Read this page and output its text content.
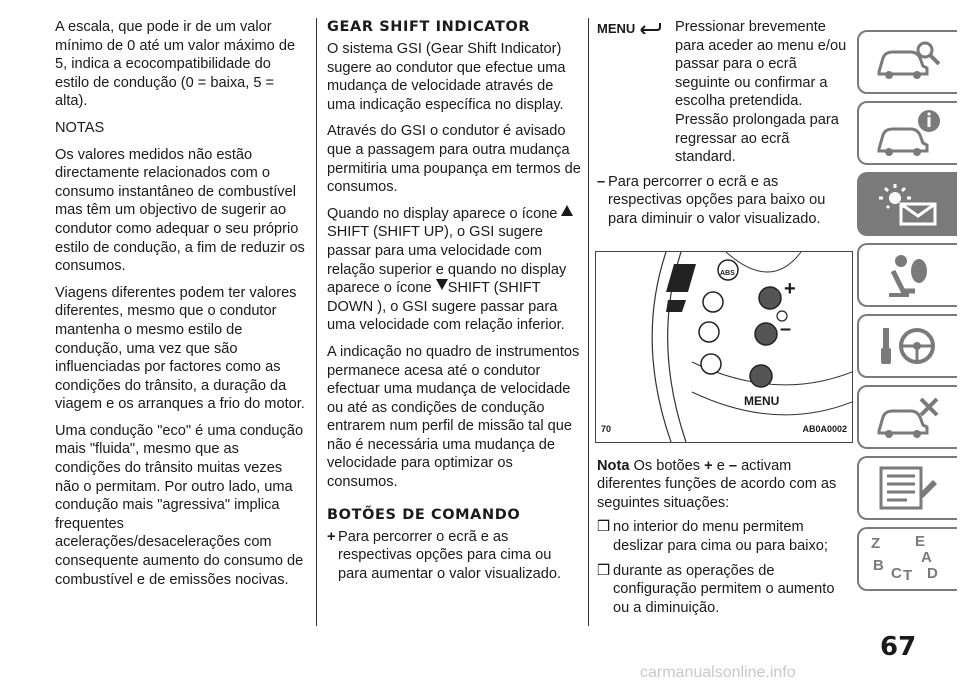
A escala, que pode ir de um valor mínimo de 0 até um valor máximo de 5, indica a ecocompatibilidade do estilo de condução (0 = baixa, 5 = alta).

NOTAS

Os valores medidos não estão directamente relacionados com o consumo instantâneo de combustível mas têm um objectivo de sugerir ao condutor como adequar o seu próprio estilo de condução, a fim de reduzir os consumos.

Viagens diferentes podem ter valores diferentes, mesmo que o condutor mantenha o mesmo estilo de condução, uma vez que são influenciadas por factores como as condições do trânsito, a duração da viagem e os arranques a frio do motor.

Uma condução "eco" é uma condução mais "fluida", mesmo que as condições do trânsito muitas vezes não o permitam. Por outro lado, uma condução mais "agressiva" implica frequentes acelerações/desacelerações com consequente aumento do consumo de combustível e de emissões nocivas.

GEAR SHIFT INDICATOR

O sistema GSI (Gear Shift Indicator) sugere ao condutor que efectue uma mudança de velocidade através de uma indicação específica no display.

Através do GSI o condutor é avisado que a passagem para outra mudança permitiria uma poupança em termos de consumos.

Quando no display aparece o ícone SHIFT (SHIFT UP), o GSI sugere passar para uma velocidade com relação superior e quando no display aparece o ícone SHIFT (SHIFT DOWN ), o GSI sugere passar para uma velocidade com relação inferior.

A indicação no quadro de instrumentos permanece acesa até o condutor efectuar uma mudança de velocidade ou até as condições de condução entrarem num perfil de missão tal que não é necessária uma mudança de velocidade para optimizar os consumos.

BOTÕES DE COMANDO
+ Para percorrer o ecrã e as respectivas opções para cima ou para aumentar o valor visualizado.
MENU	Pressionar brevemente para aceder ao menu e/ou passar para o ecrã seguinte ou confirmar a escolha pretendida. Pressão prolongada para regressar ao ecrã standard.
– Para percorrer o ecrã e as respectivas opções para baixo ou para diminuir o valor visualizado.
ABS
+
–
MENU
70	AB0A0002

Nota Os botões + e – activam diferentes funções de acordo com as seguintes situações:

❒ no interior do menu permitem deslizar para cima ou para baixo;
❒ durante as operações de configuração permitem o aumento ou a diminuição.
Z E
A
B C T D
67
carmanualsonline.info
